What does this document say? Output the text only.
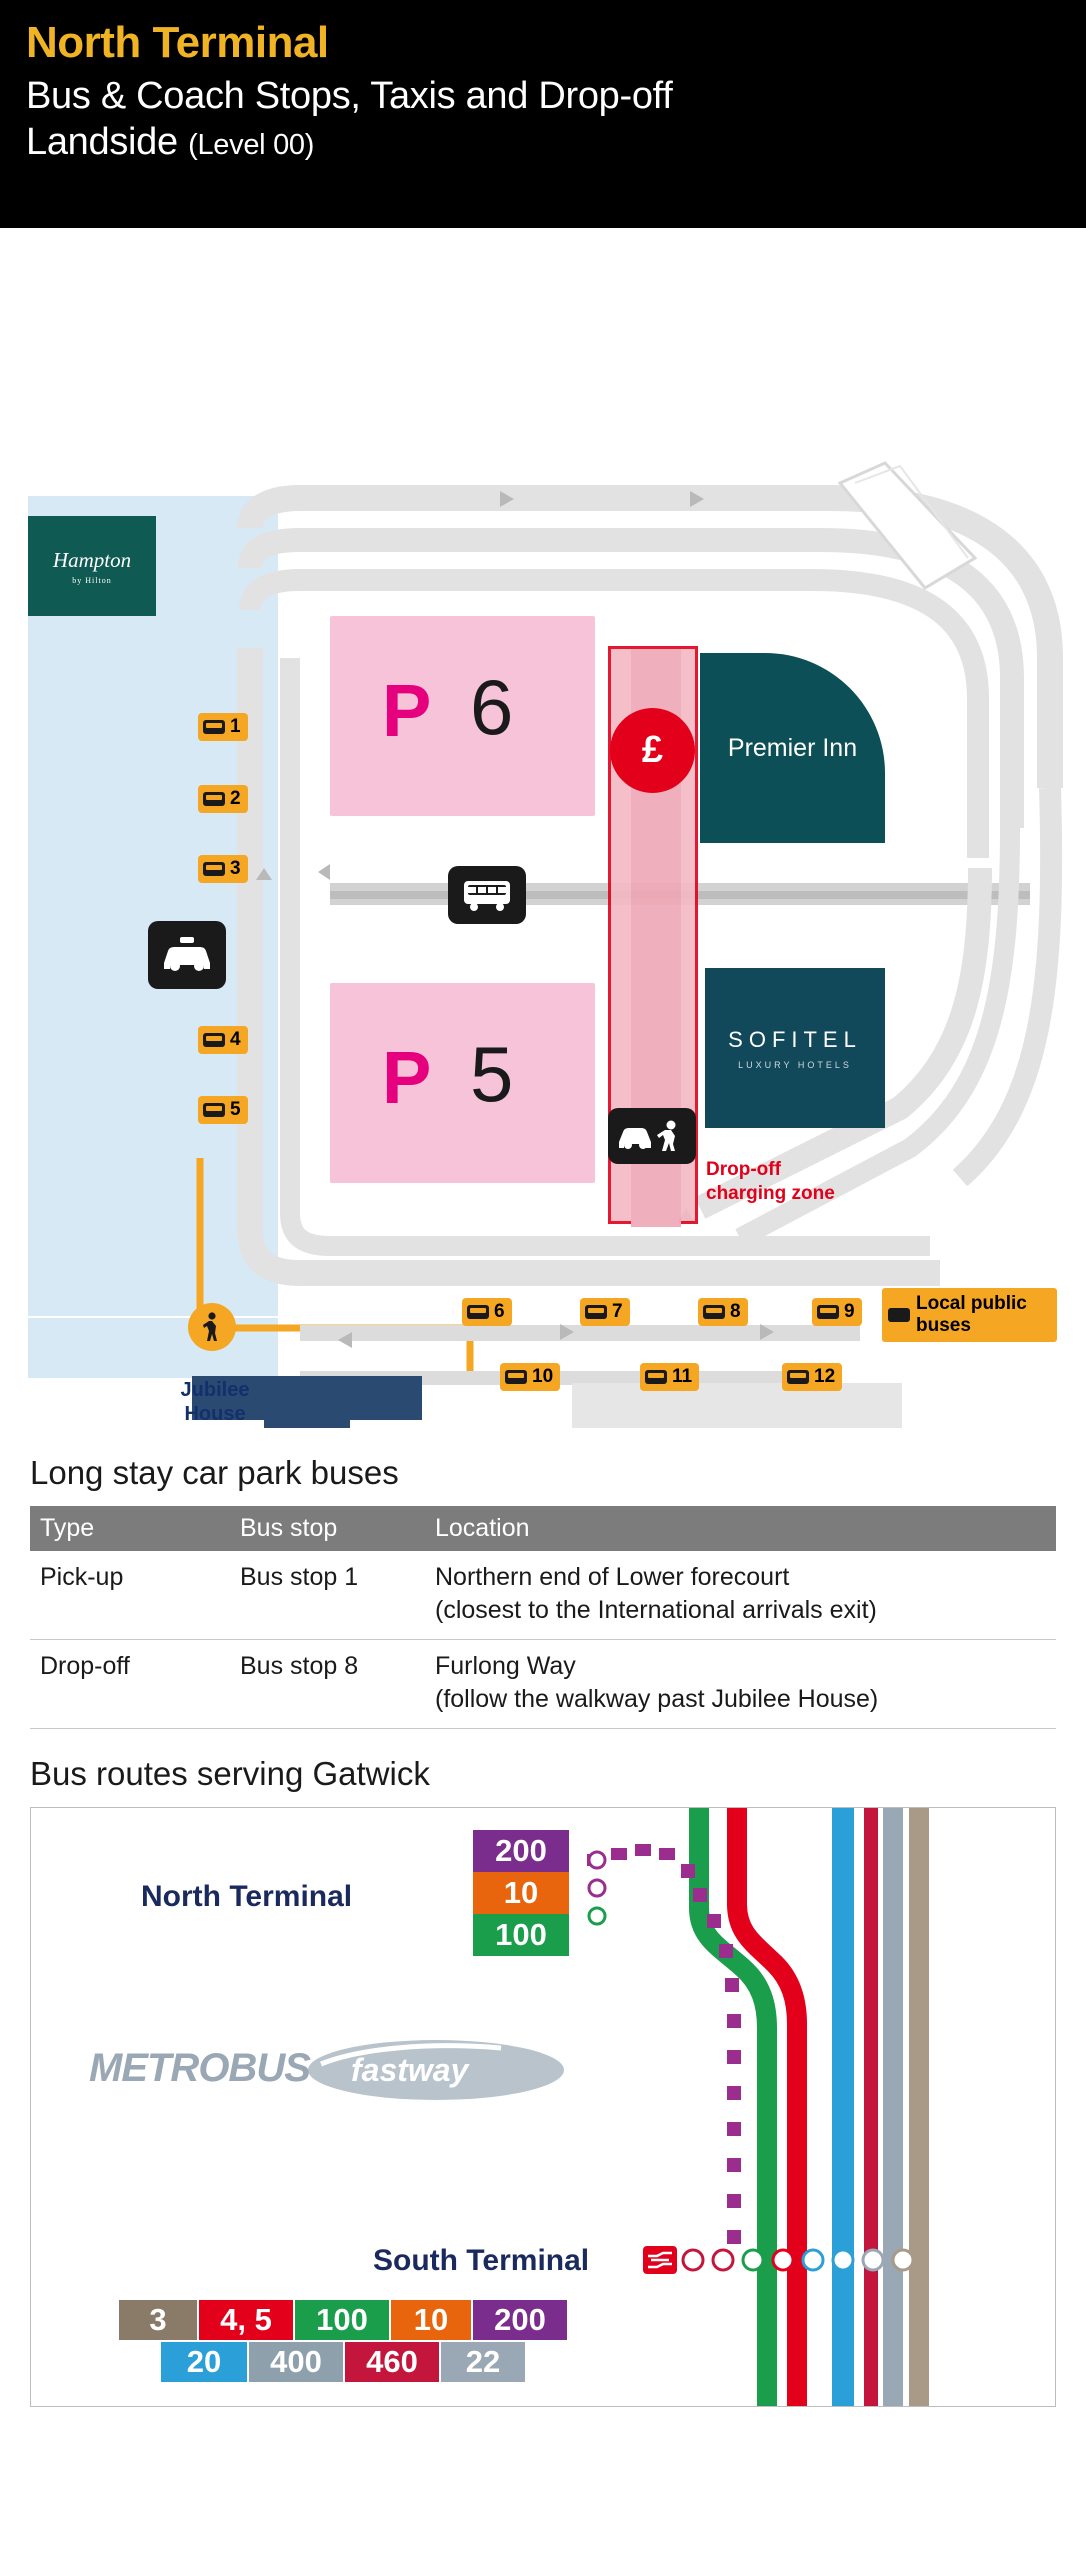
North Terminal
Bus & Coach Stops, Taxis and Drop-off
Landside (Level 00)
Hampton
by Hilton
P 6
P 5
Premier Inn
SOFITEL
LUXURY HOTELS
£
Drop-off
charging zone
Jubilee
House
1
2
3
4
5
6	7	8	9
10	11	12
Local public
buses
Long stay car park buses
Type	Bus stop	Location
Pick-up	Bus stop 1	Northern end of Lower forecourt
(closest to the International arrivals exit)
Drop-off	Bus stop 8	Furlong Way
(follow the walkway past Jubilee House)
Bus routes serving Gatwick
North Terminal
200
10
100
METROBUS fastway
South Terminal
3 4, 5 100 10 200
20 400 460 22
